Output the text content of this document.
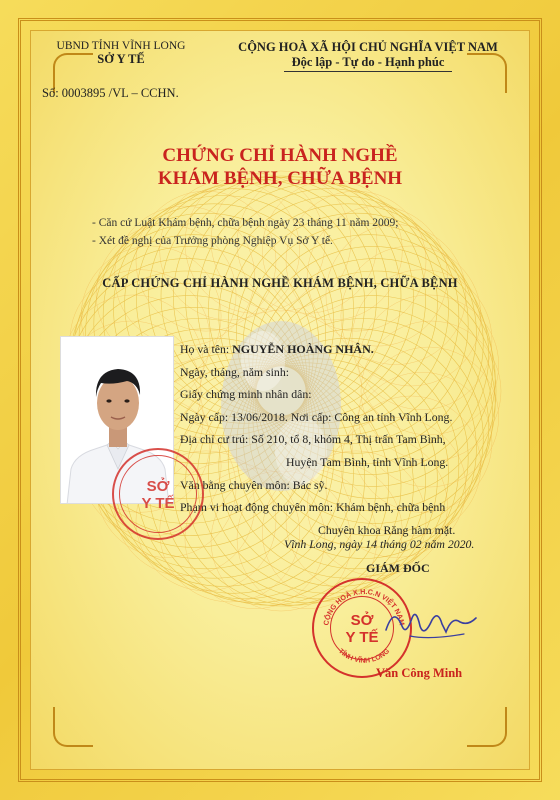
UBND TỈNH VĨNH LONG
SỞ Y TẾ
CỘNG HOÀ XÃ HỘI CHỦ NGHĨA VIỆT NAM
Độc lập - Tự do - Hạnh phúc
Số: 0003895 /VL – CCHN.
CHỨNG CHỈ HÀNH NGHỀ
KHÁM BỆNH, CHỮA BỆNH
- Căn cứ Luật Khám bệnh, chữa bệnh ngày 23 tháng 11 năm 2009;
- Xét đề nghị của Trưởng phòng Nghiệp Vụ Sở Y tế.
CẤP CHỨNG CHỈ HÀNH NGHỀ KHÁM BỆNH, CHỮA BỆNH
Họ và tên: NGUYỄN HOÀNG NHÂN.
Ngày, tháng, năm sinh:
Giấy chứng minh nhân dân:
Ngày cấp: 13/06/2018. Nơi cấp: Công an tỉnh Vĩnh Long.
Địa chỉ cư trú: Số 210, tổ 8, khóm 4, Thị trấn Tam Bình,
Huyện Tam Bình, tỉnh Vĩnh Long.
Văn bằng chuyên môn: Bác sỹ.
Phạm vi hoạt động chuyên môn: Khám bệnh, chữa bệnh
Chuyên khoa Răng hàm mặt.
SỞ
Y TẾ
Vĩnh Long, ngày 14 tháng 02 năm 2020.
GIÁM ĐỐC
CỘNG HOÀ X.H.C.N VIỆT NAM
TỈNH VĨNH LONG
SỞ
Y TẾ
Văn Công Minh
